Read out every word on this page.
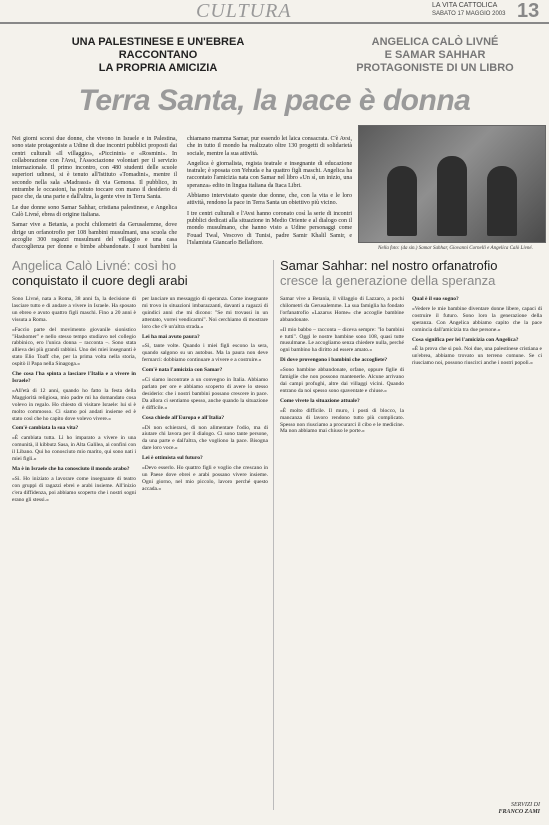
CULTURA	LA VITA CATTOLICA
SABATO 17 MAGGIO 2003 13
UNA PALESTINESE E UN'EBREA
RACCONTANO
LA PROPRIA AMICIZIA
ANGELICA CALÒ LIVNÉ
E SAMAR SAHHAR
PROTAGONISTE DI UN LIBRO
Terra Santa, la pace è donna

Nei giorni scorsi due donne, che vivono in Israele e in Palestina, sono state protagoniste a Udine di due incontri pubblici proposti dai centri culturali «Il villaggio», «Piccinini» e «Rosmini». In collaborazione con l'Avsi, l'Associazione volontari per il servizio internazionale. Il primo incontro, con 480 studenti delle scuole superiori udinesi, si è tenuto all'Istituto «Tomadini», mentre il secondo nella sala «Madrassi» di via Gemona. Il pubblico, in entrambe le occasioni, ha potuto toccare con mano il desiderio di pace che, da una parte e dall'altra, la gente vive in Terra Santa.

Le due donne sono Samar Sahhar, cristiana palestinese, e Angelica Calò Livné, ebrea di origine italiana.

Samar vive a Betania, a pochi chilometri da Gerusalemme, dove dirige un orfanotrofio per 108 bambini musulmani, una scuola che accoglie 300 ragazzi musulmani del villaggio e una casa d'accoglienza per donne e bimbe abbandonate. I suoi bambini la chiamano mamma Samar, pur essendo lei laica consacrata. C'è Avsi, che in tutto il mondo ha realizzato oltre 130 progetti di solidarietà sociale, mentre la sua attività.

Angelica è giornalista, regista teatrale e insegnante di educazione teatrale; è sposata con Yehuda e ha quattro figli maschi. Angelica ha raccontato l'amicizia nata con Samar nel libro «Un sì, un inizio, una speranza» edito in lingua italiana da Itaca Libri.

Abbiamo intervistato queste due donne, che, con la vita e le loro attività, rendono la pace in Terra Santa un obiettivo più vicino.

I tre centri culturali e l'Avsi hanno coronato così la serie di incontri pubblici dedicati alla situazione in Medio Oriente e al dialogo con il mondo musulmano, che hanno visto a Udine personaggi come Fouad Twal, Vescovo di Tunisi, padre Samir Khalil Samir, e l'Islamista Giancarlo Bellafiore.

Nella foto: (da sin.) Samar Sahhar, Giovanni Cornelli e Angelica Calò Livné.
Angelica Calò Livné: così ho
conquistato il cuore degli arabi
Samar Sahhar: nel nostro orfanatrofio
cresce la generazione della speranza

Sono Livné, nata a Roma, 38 anni fa, la decisione di lasciare tutto e di andare a vivere in Israele. Ha sposato un ebreo e avuto quattro figli maschi. Fino a 20 anni è vissuta a Roma.

«Faccio parte del movimento giovanile sionistico "Hashomer" e nello stesso tempo studiavo nel collegio rabbinico, ero l'unica donna – racconta –. Sono stata allieva dei più grandi rabbini. Uno dei miei insegnanti è stato Elio Toaff che, per la prima volta nella storia, ospitò il Papa nella Sinagoga.»

Che cosa l'ha spinta a lasciare l'Italia e a vivere in Israele?

«All'età di 12 anni, quando ho fatto la festa della Maggiorità religiosa, mio padre mi ha domandato cosa volevo in regalo. Ho chiesto di visitare Israele: lui si è molto commosso. Ci siamo poi andati insieme ed è stato così che ho capito dove volevo vivere.»

Com'è cambiata la sua vita?

«È cambiata tutta. Lì ho imparato a vivere in una comunità, il kibbutz Sasa, in Alta Galilea, ai confini con il Libano. Qui ho conosciuto mio marito, qui sono nati i miei figli.»

Ma è in Israele che ha conosciuto il mondo arabo?

«Sì. Ho iniziato a lavorare come insegnante di teatro con gruppi di ragazzi ebrei e arabi insieme. All'inizio c'era diffidenza, poi abbiamo scoperto che i nostri sogni erano gli stessi.»

per lanciare un messaggio di speranza. Come insegnante mi trovo in situazioni imbarazzanti, davanti a ragazzi di quindici anni che mi dicono: "Se mi trovassi in un attentato, vorrei vendicarmi". Noi cerchiamo di mostrare loro che c'è un'altra strada.»

Lei ha mai avuto paura?

«Sì, tante volte. Quando i miei figli escono la sera, quando salgono su un autobus. Ma la paura non deve fermarci: dobbiamo continuare a vivere e a costruire.»

Com'è nata l'amicizia con Samar?

«Ci siamo incontrate a un convegno in Italia. Abbiamo parlato per ore e abbiamo scoperto di avere lo stesso desiderio: che i nostri bambini possano crescere in pace. Da allora ci sentiamo spesso, anche quando la situazione è difficile.»

Cosa chiede all'Europa e all'Italia?

«Di non schierarsi, di non alimentare l'odio, ma di aiutare chi lavora per il dialogo. Ci sono tante persone, da una parte e dall'altra, che vogliono la pace. Bisogna dare loro voce.»

Lei è ottimista sul futuro?

«Devo esserlo. Ho quattro figli e voglio che crescano in un Paese dove ebrei e arabi possano vivere insieme. Ogni giorno, nel mio piccolo, lavoro perché questo accada.»

Samar vive a Betania, il villaggio di Lazzaro, a pochi chilometri da Gerusalemme. La sua famiglia ha fondato l'orfanatrofio «Lazarus Home» che accoglie bambine abbandonate.

«Il mio babbo – racconta – diceva sempre: "Io bambini e tutti". Oggi le nostre bambine sono 108, quasi tutte musulmane. Le accogliamo senza chiedere nulla, perché ogni bambino ha diritto ad essere amato.»

Di dove provengono i bambini che accogliete?

«Sono bambine abbandonate, orfane, oppure figlie di famiglie che non possono mantenerle. Alcune arrivano dai campi profughi, altre dai villaggi vicini. Quando entrano da noi spesso sono spaventate e chiuse.»

Come vivete la situazione attuale?

«È molto difficile. Il muro, i posti di blocco, la mancanza di lavoro rendono tutto più complicato. Spesso non riusciamo a procurarci il cibo e le medicine. Ma non abbiamo mai chiuso le porte.»

Qual è il suo sogno?

«Vedere le mie bambine diventare donne libere, capaci di costruire il futuro. Sono loro la generazione della speranza. Con Angelica abbiamo capito che la pace comincia dall'amicizia tra due persone.»

Cosa significa per lei l'amicizia con Angelica?

«È la prova che si può. Noi due, una palestinese cristiana e un'ebrea, abbiamo trovato un terreno comune. Se ci riusciamo noi, possono riuscirci anche i nostri popoli.»

SERVIZI DI
FRANCO ZAMI
